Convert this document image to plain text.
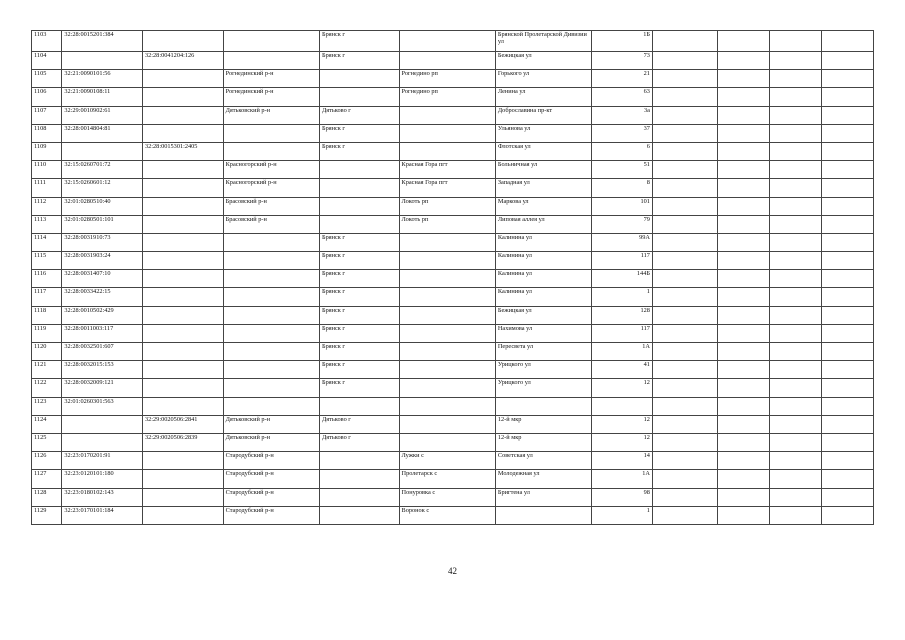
1103	32:28:0015201:384			Брянск г		Брянской Пролетарской Дивизии ул	1Б				
1104		32:28:0041204:126		Брянск г		Бежицкая ул	73				
1105	32:21:0090101:56		Рогнединский р-н		Рогнедино рп	Горького ул	21				
1106	32:21:0090108:11		Рогнединский р-н		Рогнедино рп	Ленина ул	63				
1107	32:29:0010902:61		Дятьковский р-н	Дятьково г		Доброславина пр-кт	3а				
1108	32:28:0014804:81			Брянск г		Ульянова ул	37				
1109		32:28:0015301:2405		Брянск г		Флотская ул	6				
1110	32:15:0260701:72		Красногорский р-н		Красная Гора пгт	Больничная ул	51				
1111	32:15:0260601:12		Красногорский р-н		Красная Гора пгт	Западная ул	8				
1112	32:01:0280510:40		Брасовский р-н		Локоть рп	Маркова ул	101				
1113	32:01:0280501:101		Брасовский р-н		Локоть рп	Липовая аллея ул	79				
1114	32:28:0031910:73			Брянск г		Калинина ул	99А				
1115	32:28:0031903:24			Брянск г		Калинина ул	117				
1116	32:28:0031407:10			Брянск г		Калинина ул	144Б				
1117	32:28:0033422:15			Брянск г		Калинина ул	1				
1118	32:28:0010502:429			Брянск г		Бежицкая ул	128				
1119	32:28:0011003:117			Брянск г		Нахимова ул	117				
1120	32:28:0032501:607			Брянск г		Пересвета ул	1А				
1121	32:28:0032015:153			Брянск г		Урицкого ул	41				
1122	32:28:0032009:121			Брянск г		Урицкого ул	12				
1123	32:01:0260301:563										
1124		32:29:0020506:2841	Дятьковский р-н	Дятьково г		12-й мкр	12				
1125		32:29:0020506:2839	Дятьковский р-н	Дятьково г		12-й мкр	12				
1126	32:23:0170201:91		Стародубский р-н		Лужки с	Советская ул	14				
1127	32:23:0120101:180		Стародубский р-н		Пролетарск с	Молодежная ул	1А				
1128	32:23:0180102:143		Стародубский р-н		Понуровка с	Бригтена ул	98				
1129	32:23:0170101:184		Стародубский р-н		Воронок с		1				
42
